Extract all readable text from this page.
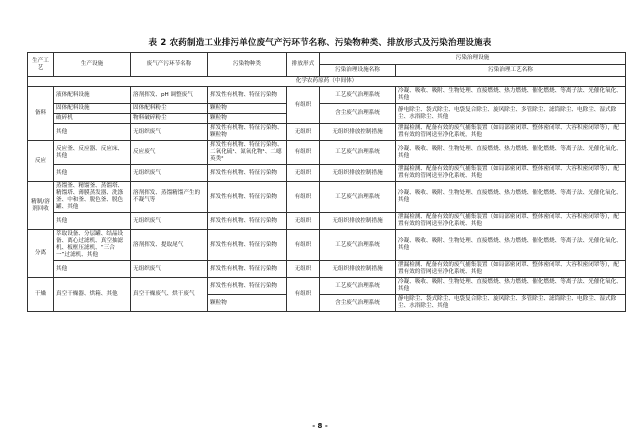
表 2 农药制造工业排污单位废气产污环节名称、污染物种类、排放形式及污染治理设施表
生产工艺	生产设施	废气产污环节名称	污染物种类	排放形式	污染治理设施	
					污染治理设施名称	污染治理工艺名称
化学农药原药（中间体）						
备料	液体配料设施	溶剂挥发、pH 调整废气	挥发性有机物、特征污染物	有组织	工艺废气治理系统	冷凝、吸收、吸附、生物处理、直接燃烧、热力燃烧、催化燃烧、等离子法、光催化氧化、其他
	固体配料设施	固体配料粉尘	颗粒物		含尘废气治理系统	静电除尘、袋式除尘、电袋复合除尘、旋风除尘、多管除尘、滤筒除尘、电除尘、湿式除尘、水浴除尘、其他
	破碎机	物料破碎粉尘	颗粒物			
	其他	无组织废气	挥发性有机物、特征污染物、颗粒物	无组织	无组织排放控制措施	泄漏检测、配备有效的废气捕集装置（如局部密闭罩、整体密闭罩、大容积密闭罩等），配置有效的管网送至净化系统，其他
反应	反应釜、反应器、反应床、其他	反应废气	挥发性有机物、特征污染物、二氧化硫¹、氮氧化物¹、二噁英类²	有组织	工艺废气治理系统	冷凝、吸收、吸附、生物处理、直接燃烧、热力燃烧、催化燃烧、等离子法、光催化氧化、其他
	其他	无组织废气	挥发性有机物、特征污染物	无组织	无组织排放控制措施	泄漏检测、配备有效的废气捕集装置（如局部密闭罩、整体密闭罩、大容积密闭罩等），配置有效的管网送至净化系统、其他
精制/溶剂回收	蒸馏釜、精馏釜、蒸馏塔、精馏塔、薄膜蒸发器、洗涤釜、中和釜、脱色釜、脱色罐、其他	溶剂挥发、蒸馏精馏产生的不凝气等	挥发性有机物、特征污染物	有组织	工艺废气治理系统	冷凝、吸收、吸附、生物处理、直接燃烧、热力燃烧、催化燃烧、等离子法、光催化氧化、其他
	其他	无组织废气	挥发性有机物、特征污染物	无组织	无组织排放控制措施	泄漏检测、配备有效的废气捕集装置（如局部密闭罩、整体密闭罩、大容积密闭罩等），配置有效的管网送至净化系统、其他
分离	萃取设备、分层罐、结晶设备、离心过滤机、真空抽滤机、板框压滤机、“三合一”过滤机、其他	溶剂挥发、提取尾气	挥发性有机物、特征污染物	有组织	工艺废气治理系统	冷凝、吸收、吸附、生物处理、直接燃烧、热力燃烧、催化燃烧、等离子法、光催化氧化、其他
	其他	无组织废气	挥发性有机物、特征污染物	无组织	无组织排放控制措施	泄漏检测、配备有效的废气捕集装置（如局部密闭罩、整体密闭罩、大容积密闭罩等），配置有效的管网送至净化系统、其他
干燥	真空干燥器、烘箱、其他	真空干燥废气、烘干废气	挥发性有机物、特征污染物	有组织	工艺废气治理系统	冷凝、吸收、吸附、生物处理、直接燃烧、热力燃烧、催化燃烧、等离子法、光催化氧化、其他
			颗粒物		含尘废气治理系统	静电除尘、袋式除尘、电袋复合除尘、旋风除尘、多管除尘、滤筒除尘、电除尘、湿式除尘、水浴除尘、其他
- 8 -
